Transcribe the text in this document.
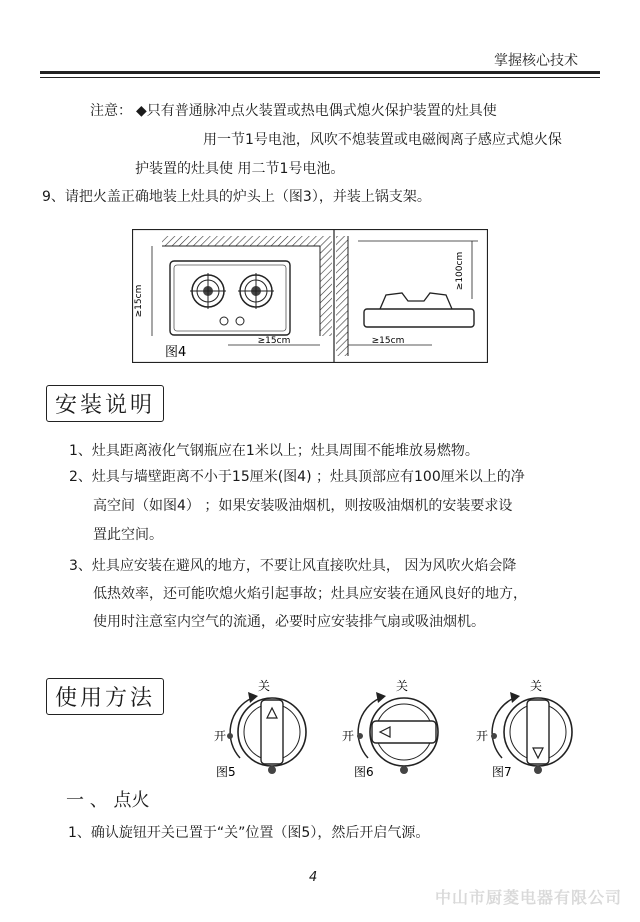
掌握核心技术
注意： ◆只有普通脉冲点火装置或热电偶式熄火保护装置的灶具使
用一节1号电池，风吹不熄装置或电磁阀离子感应式熄火保
护装置的灶具使 用二节1号电池。
9、请把火盖正确地装上灶具的炉头上（图3），并装上锅支架。
≥15cm
≥15cm
图4
≥100cm
≥15cm
安装说明
1、灶具距离液化气钢瓶应在1米以上；灶具周围不能堆放易燃物。
2、灶具与墙壁距离不小于15厘米(图4) ；灶具顶部应有100厘米以上的净
高空间（如图4） ；如果安装吸油烟机，则按吸油烟机的安装要求设
置此空间。
3、灶具应安装在避风的地方，不要让风直接吹灶具， 因为风吹火焰会降
低热效率，还可能吹熄火焰引起事故；灶具应安装在通风良好的地方，
使用时注意室内空气的流通，必要时应安装排气扇或吸油烟机。
使用方法	关
开
图5
关
开
图6
关
开
图7
一 、 点火
1、确认旋钮开关已置于“关”位置（图5），然后开启气源。
4
中山市厨菱电器有限公司
